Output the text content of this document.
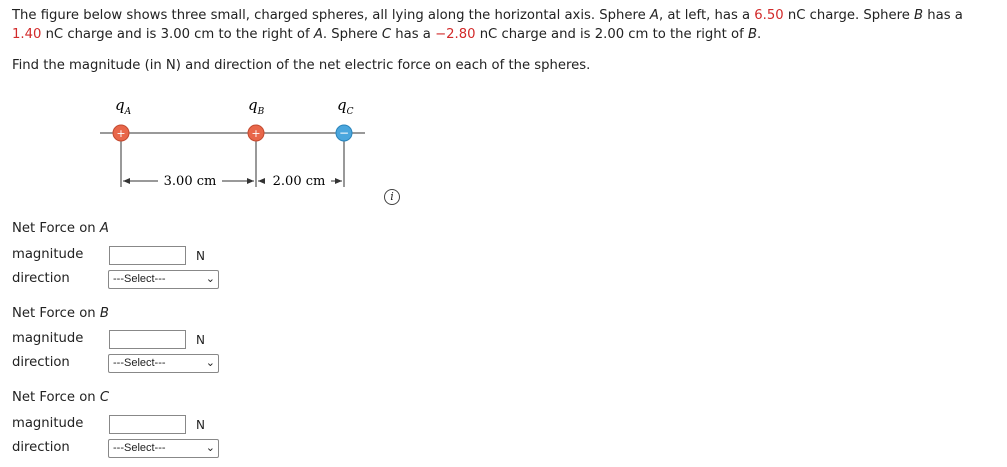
The figure below shows three small, charged spheres, all lying along the horizontal axis. Sphere A, at left, has a 6.50 nC charge. Sphere B has a
1.40 nC charge and is 3.00 cm to the right of A. Sphere C has a −2.80 nC charge and is 2.00 cm to the right of B.

Find the magnitude (in N) and direction of the net electric force on each of the spheres.

$q_A$	$q_B$	$q_C$
+	+	−
3.00 cm	2.00 cm
i
Net Force on A
magnitude	N
direction	---Select---	⌄
Net Force on B
magnitude	N
direction	---Select---	⌄
Net Force on C
magnitude	N
direction	---Select---	⌄
